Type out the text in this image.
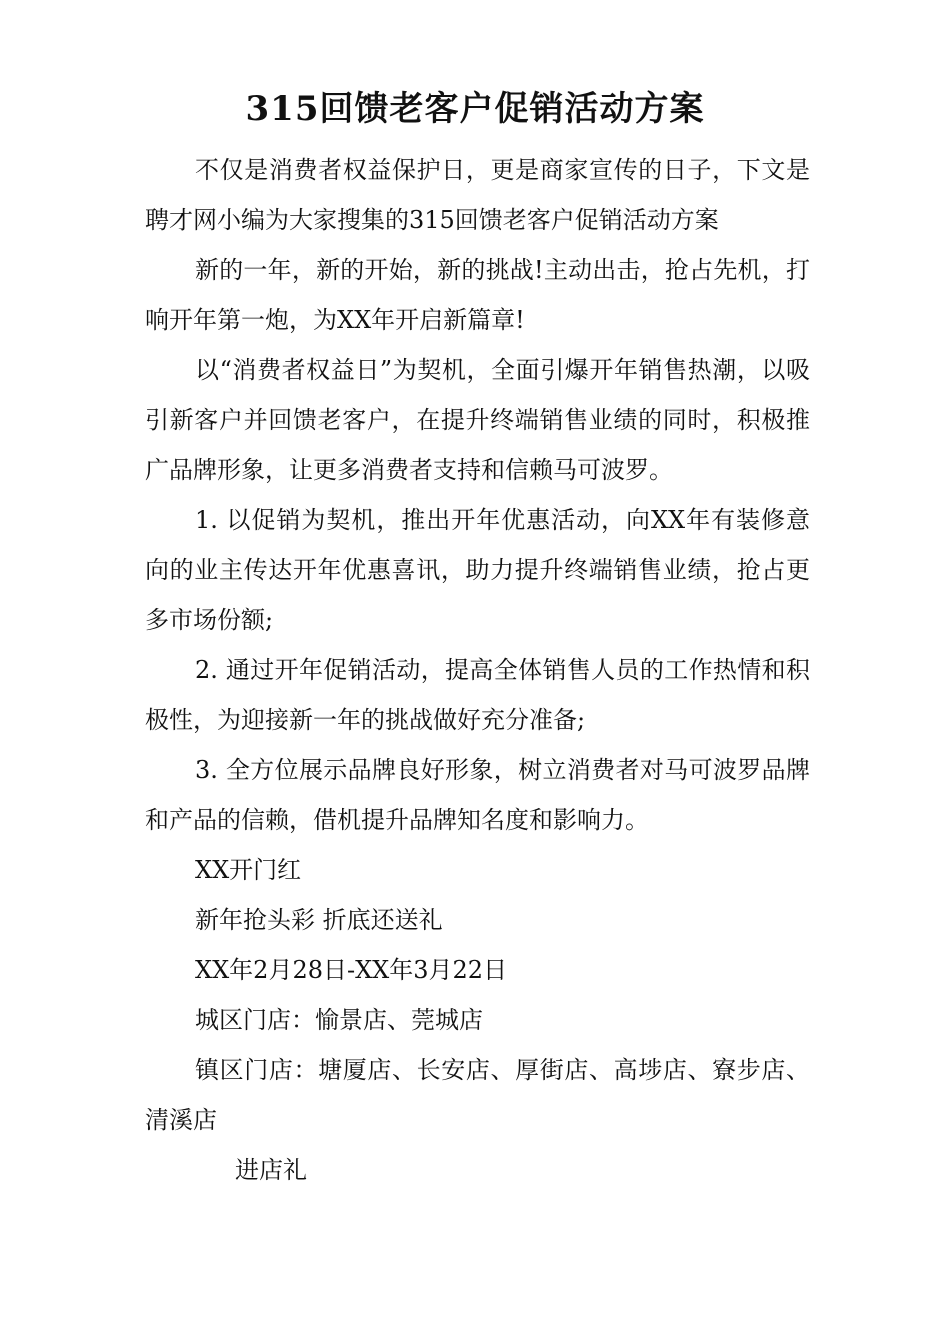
315回馈老客户促销活动方案

不仅是消费者权益保护日，更是商家宣传的日子，下文是聘才网小编为大家搜集的315回馈老客户促销活动方案

新的一年，新的开始，新的挑战!主动出击，抢占先机，打响开年第一炮，为XX年开启新篇章!

以“消费者权益日”为契机，全面引爆开年销售热潮，以吸引新客户并回馈老客户，在提升终端销售业绩的同时，积极推广品牌形象，让更多消费者支持和信赖马可波罗。

1. 以促销为契机，推出开年优惠活动，向XX年有装修意向的业主传达开年优惠喜讯，助力提升终端销售业绩，抢占更多市场份额;

2. 通过开年促销活动，提高全体销售人员的工作热情和积极性，为迎接新一年的挑战做好充分准备;

3. 全方位展示品牌良好形象，树立消费者对马可波罗品牌和产品的信赖，借机提升品牌知名度和影响力。

XX开门红

新年抢头彩 折底还送礼

XX年2月28日-XX年3月22日

城区门店：愉景店、莞城店

镇区门店：塘厦店、长安店、厚街店、高埗店、寮步店、清溪店

进店礼
